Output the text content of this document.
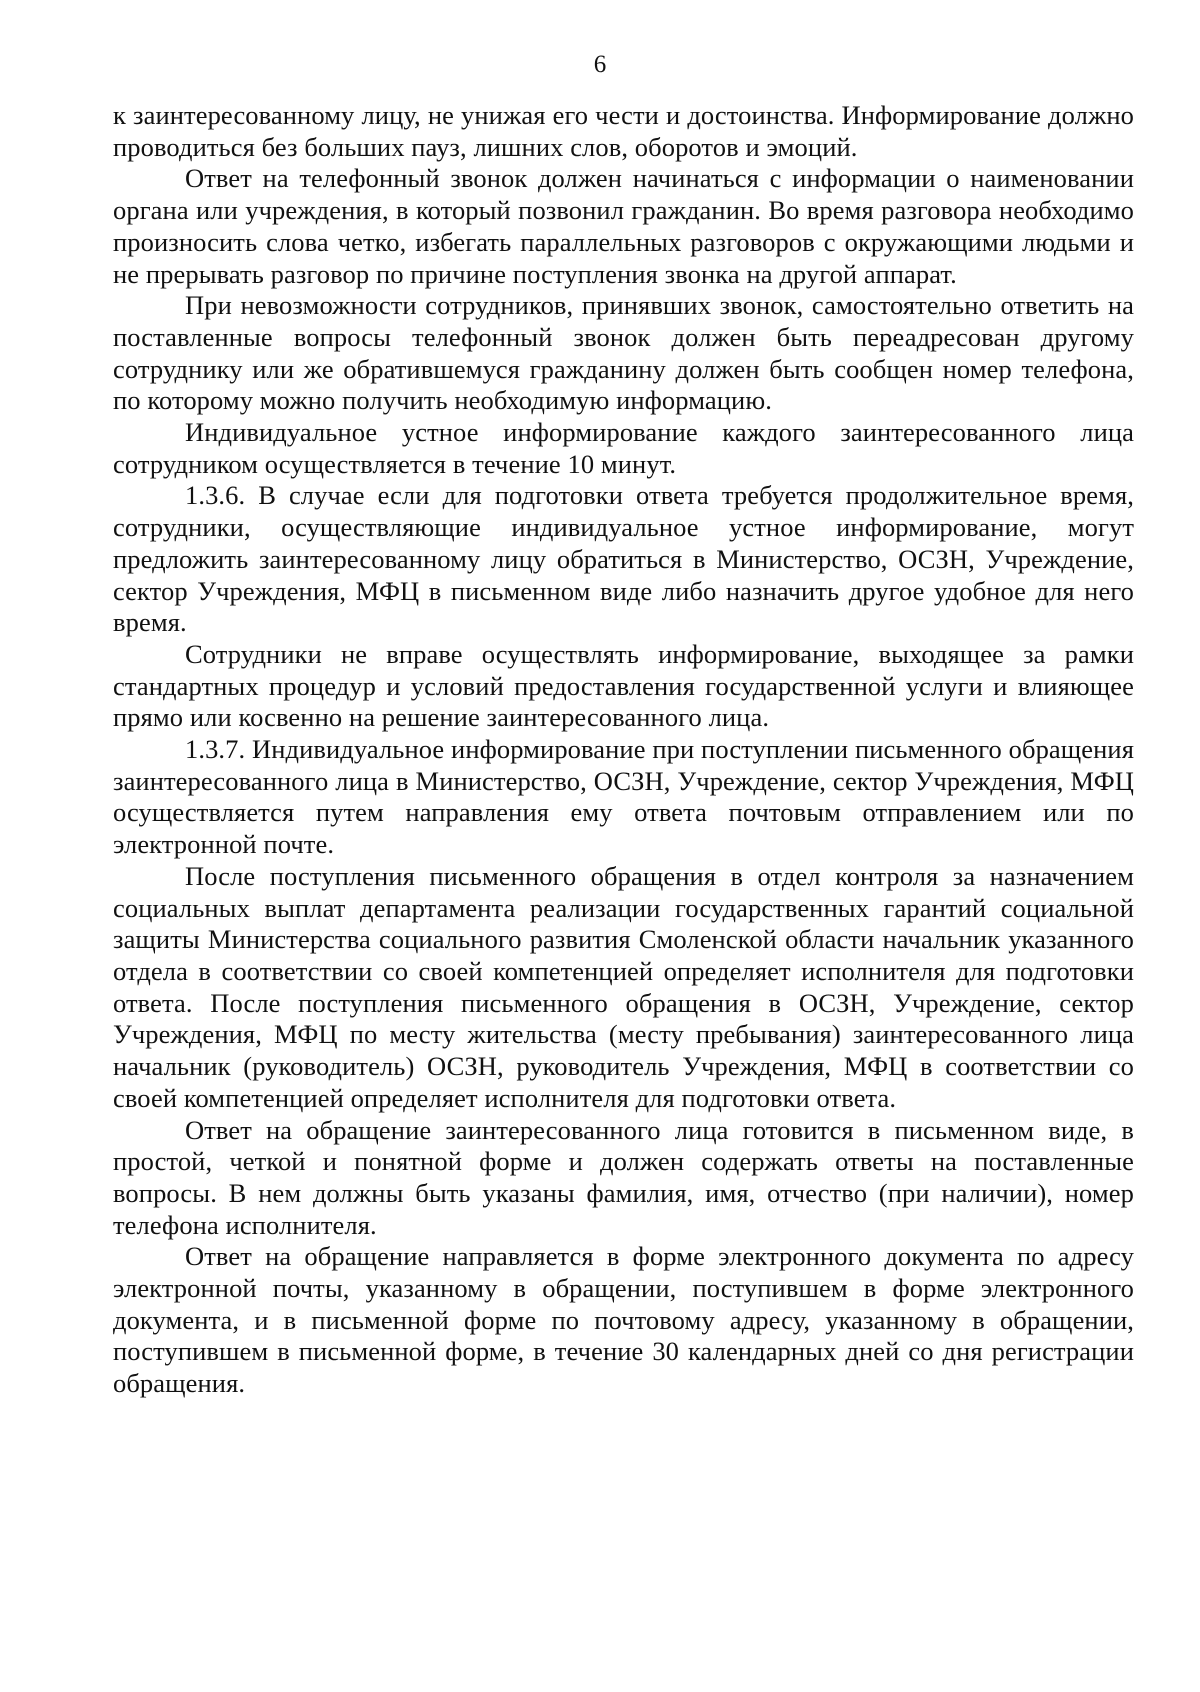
6

к заинтересованному лицу, не унижая его чести и достоинства. Информирование должно проводиться без больших пауз, лишних слов, оборотов и эмоций.

Ответ на телефонный звонок должен начинаться с информации о наименовании органа или учреждения, в который позвонил гражданин. Во время разговора необходимо произносить слова четко, избегать параллельных разговоров с окружающими людьми и не прерывать разговор по причине поступления звонка на другой аппарат.

При невозможности сотрудников, принявших звонок, самостоятельно ответить на поставленные вопросы телефонный звонок должен быть переадресован другому сотруднику или же обратившемуся гражданину должен быть сообщен номер телефона, по которому можно получить необходимую информацию.

Индивидуальное устное информирование каждого заинтересованного лица сотрудником осуществляется в течение 10 минут.

1.3.6. В случае если для подготовки ответа требуется продолжительное время, сотрудники, осуществляющие индивидуальное устное информирование, могут предложить заинтересованному лицу обратиться в Министерство, ОСЗН, Учреждение, сектор Учреждения, МФЦ в письменном виде либо назначить другое удобное для него время.

Сотрудники не вправе осуществлять информирование, выходящее за рамки стандартных процедур и условий предоставления государственной услуги и влияющее прямо или косвенно на решение заинтересованного лица.

1.3.7. Индивидуальное информирование при поступлении письменного обращения заинтересованного лица в Министерство, ОСЗН, Учреждение, сектор Учреждения, МФЦ осуществляется путем направления ему ответа почтовым отправлением или по электронной почте.

После поступления письменного обращения в отдел контроля за назначением социальных выплат департамента реализации государственных гарантий социальной защиты Министерства социального развития Смоленской области начальник указанного отдела в соответствии со своей компетенцией определяет исполнителя для подготовки ответа. После поступления письменного обращения в ОСЗН, Учреждение, сектор Учреждения, МФЦ по месту жительства (месту пребывания) заинтересованного лица начальник (руководитель) ОСЗН, руководитель Учреждения, МФЦ в соответствии со своей компетенцией определяет исполнителя для подготовки ответа.

Ответ на обращение заинтересованного лица готовится в письменном виде, в простой, четкой и понятной форме и должен содержать ответы на поставленные вопросы. В нем должны быть указаны фамилия, имя, отчество (при наличии), номер телефона исполнителя.

Ответ на обращение направляется в форме электронного документа по адресу электронной почты, указанному в обращении, поступившем в форме электронного документа, и в письменной форме по почтовому адресу, указанному в обращении, поступившем в письменной форме, в течение 30 календарных дней со дня регистрации обращения.
